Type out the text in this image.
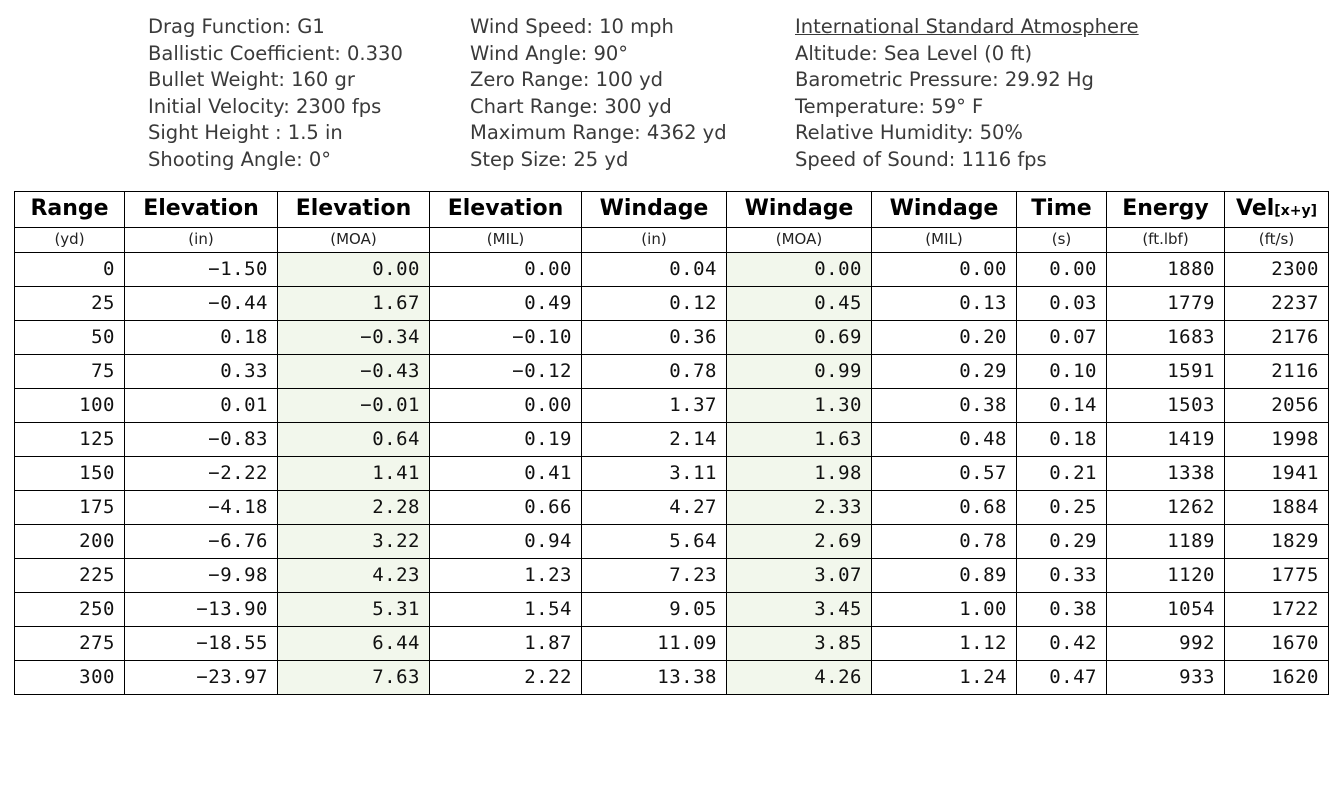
Drag Function: G1
Ballistic Coefficient: 0.330
Bullet Weight: 160 gr
Initial Velocity: 2300 fps
Sight Height : 1.5 in
Shooting Angle: 0°
Wind Speed: 10 mph
Wind Angle: 90°
Zero Range: 100 yd
Chart Range: 300 yd
Maximum Range: 4362 yd
Step Size: 25 yd
International Standard Atmosphere
Altitude: Sea Level (0 ft)
Barometric Pressure: 29.92 Hg
Temperature: 59° F
Relative Humidity: 50%
Speed of Sound: 1116 fps
Range	Elevation	Elevation	Elevation	Windage	Windage	Windage	Time	Energy	Vel[x+y]
(yd)	(in)	(MOA)	(MIL)	(in)	(MOA)	(MIL)	(s)	(ft.lbf)	(ft/s)
0	−1.50	0.00	0.00	0.04	0.00	0.00	0.00	1880	2300
25	−0.44	1.67	0.49	0.12	0.45	0.13	0.03	1779	2237
50	0.18	−0.34	−0.10	0.36	0.69	0.20	0.07	1683	2176
75	0.33	−0.43	−0.12	0.78	0.99	0.29	0.10	1591	2116
100	0.01	−0.01	0.00	1.37	1.30	0.38	0.14	1503	2056
125	−0.83	0.64	0.19	2.14	1.63	0.48	0.18	1419	1998
150	−2.22	1.41	0.41	3.11	1.98	0.57	0.21	1338	1941
175	−4.18	2.28	0.66	4.27	2.33	0.68	0.25	1262	1884
200	−6.76	3.22	0.94	5.64	2.69	0.78	0.29	1189	1829
225	−9.98	4.23	1.23	7.23	3.07	0.89	0.33	1120	1775
250	−13.90	5.31	1.54	9.05	3.45	1.00	0.38	1054	1722
275	−18.55	6.44	1.87	11.09	3.85	1.12	0.42	992	1670
300	−23.97	7.63	2.22	13.38	4.26	1.24	0.47	933	1620
